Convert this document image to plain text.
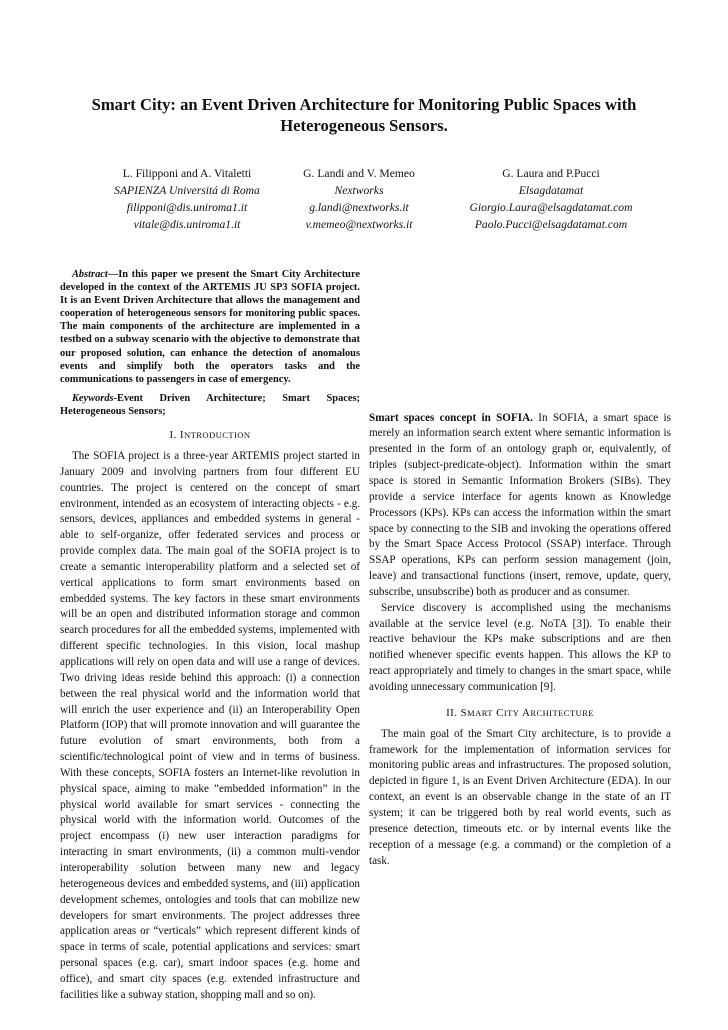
Smart City: an Event Driven Architecture for Monitoring Public Spaces with
Heterogeneous Sensors.
L. Filipponi and A. Vitaletti
SAPIENZA Universitá di Roma
filipponi@dis.uniroma1.it
vitale@dis.uniroma1.it
G. Landi and V. Memeo
Nextworks
g.landi@nextworks.it
v.memeo@nextworks.it
G. Laura and P.Pucci
Elsagdatamat
Giorgio.Laura@elsagdatamat.com
Paolo.Pucci@elsagdatamat.com

Abstract—In this paper we present the Smart City Architecture developed in the context of the ARTEMIS JU SP3 SOFIA project. It is an Event Driven Architecture that allows the management and cooperation of heterogeneous sensors for monitoring public spaces. The main components of the architecture are implemented in a testbed on a subway scenario with the objective to demonstrate that our proposed solution, can enhance the detection of anomalous events and simplify both the operators tasks and the communications to passengers in case of emergency.

Keywords-Event Driven Architecture; Smart Spaces; Heterogeneous Sensors;

I. INTRODUCTION

The SOFIA project is a three-year ARTEMIS project started in January 2009 and involving partners from four different EU countries. The project is centered on the concept of smart environment, intended as an ecosystem of interacting objects - e.g. sensors, devices, appliances and embedded systems in general - able to self-organize, offer federated services and process or provide complex data. The main goal of the SOFIA project is to create a semantic interoperability platform and a selected set of vertical applications to form smart environments based on embedded systems. The key factors in these smart environments will be an open and distributed information storage and common search procedures for all the embedded systems, implemented with different specific technologies. In this vision, local mashup applications will rely on open data and will use a range of devices. Two driving ideas reside behind this approach: (i) a connection between the real physical world and the information world that will enrich the user experience and (ii) an Interoperability Open Platform (IOP) that will promote innovation and will guarantee the future evolution of smart environments, both from a scientific/technological point of view and in terms of business. With these concepts, SOFIA fosters an Internet-like revolution in physical space, aiming to make ”embedded information” in the physical world available for smart services - connecting the physical world with the information world. Outcomes of the project encompass (i) new user interaction paradigms for interacting in smart environments, (ii) a common multi-vendor interoperability solution between many new and legacy heterogeneous devices and embedded systems, and (iii) application development schemes, ontologies and tools that can mobilize new developers for smart environments. The project addresses three application areas or “verticals” which represent different kinds of space in terms of scale, potential applications and services: smart personal spaces (e.g. car), smart indoor spaces (e.g. home and office), and smart city spaces (e.g. extended infrastructure and facilities like a subway station, shopping mall and so on).

Smart spaces concept in SOFIA. In SOFIA, a smart space is merely an information search extent where semantic information is presented in the form of an ontology graph or, equivalently, of triples (subject-predicate-object). Information within the smart space is stored in Semantic Information Brokers (SIBs). They provide a service interface for agents known as Knowledge Processors (KPs). KPs can access the information within the smart space by connecting to the SIB and invoking the operations offered by the Smart Space Access Protocol (SSAP) interface. Through SSAP operations, KPs can perform session management (join, leave) and transactional functions (insert, remove, update, query, subscribe, unsubscribe) both as producer and as consumer.

Service discovery is accomplished using the mechanisms available at the service level (e.g. NoTA [3]). To enable their reactive behaviour the KPs make subscriptions and are then notified whenever specific events happen. This allows the KP to react appropriately and timely to changes in the smart space, while avoiding unnecessary communication [9].

II. SMART CITY ARCHITECTURE

The main goal of the Smart City architecture, is to provide a framework for the implementation of information services for monitoring public areas and infrastructures. The proposed solution, depicted in figure 1, is an Event Driven Architecture (EDA). In our context, an event is an observable change in the state of an IT system; it can be triggered both by real world events, such as presence detection, timeouts etc. or by internal events like the reception of a message (e.g. a command) or the completion of a task.
